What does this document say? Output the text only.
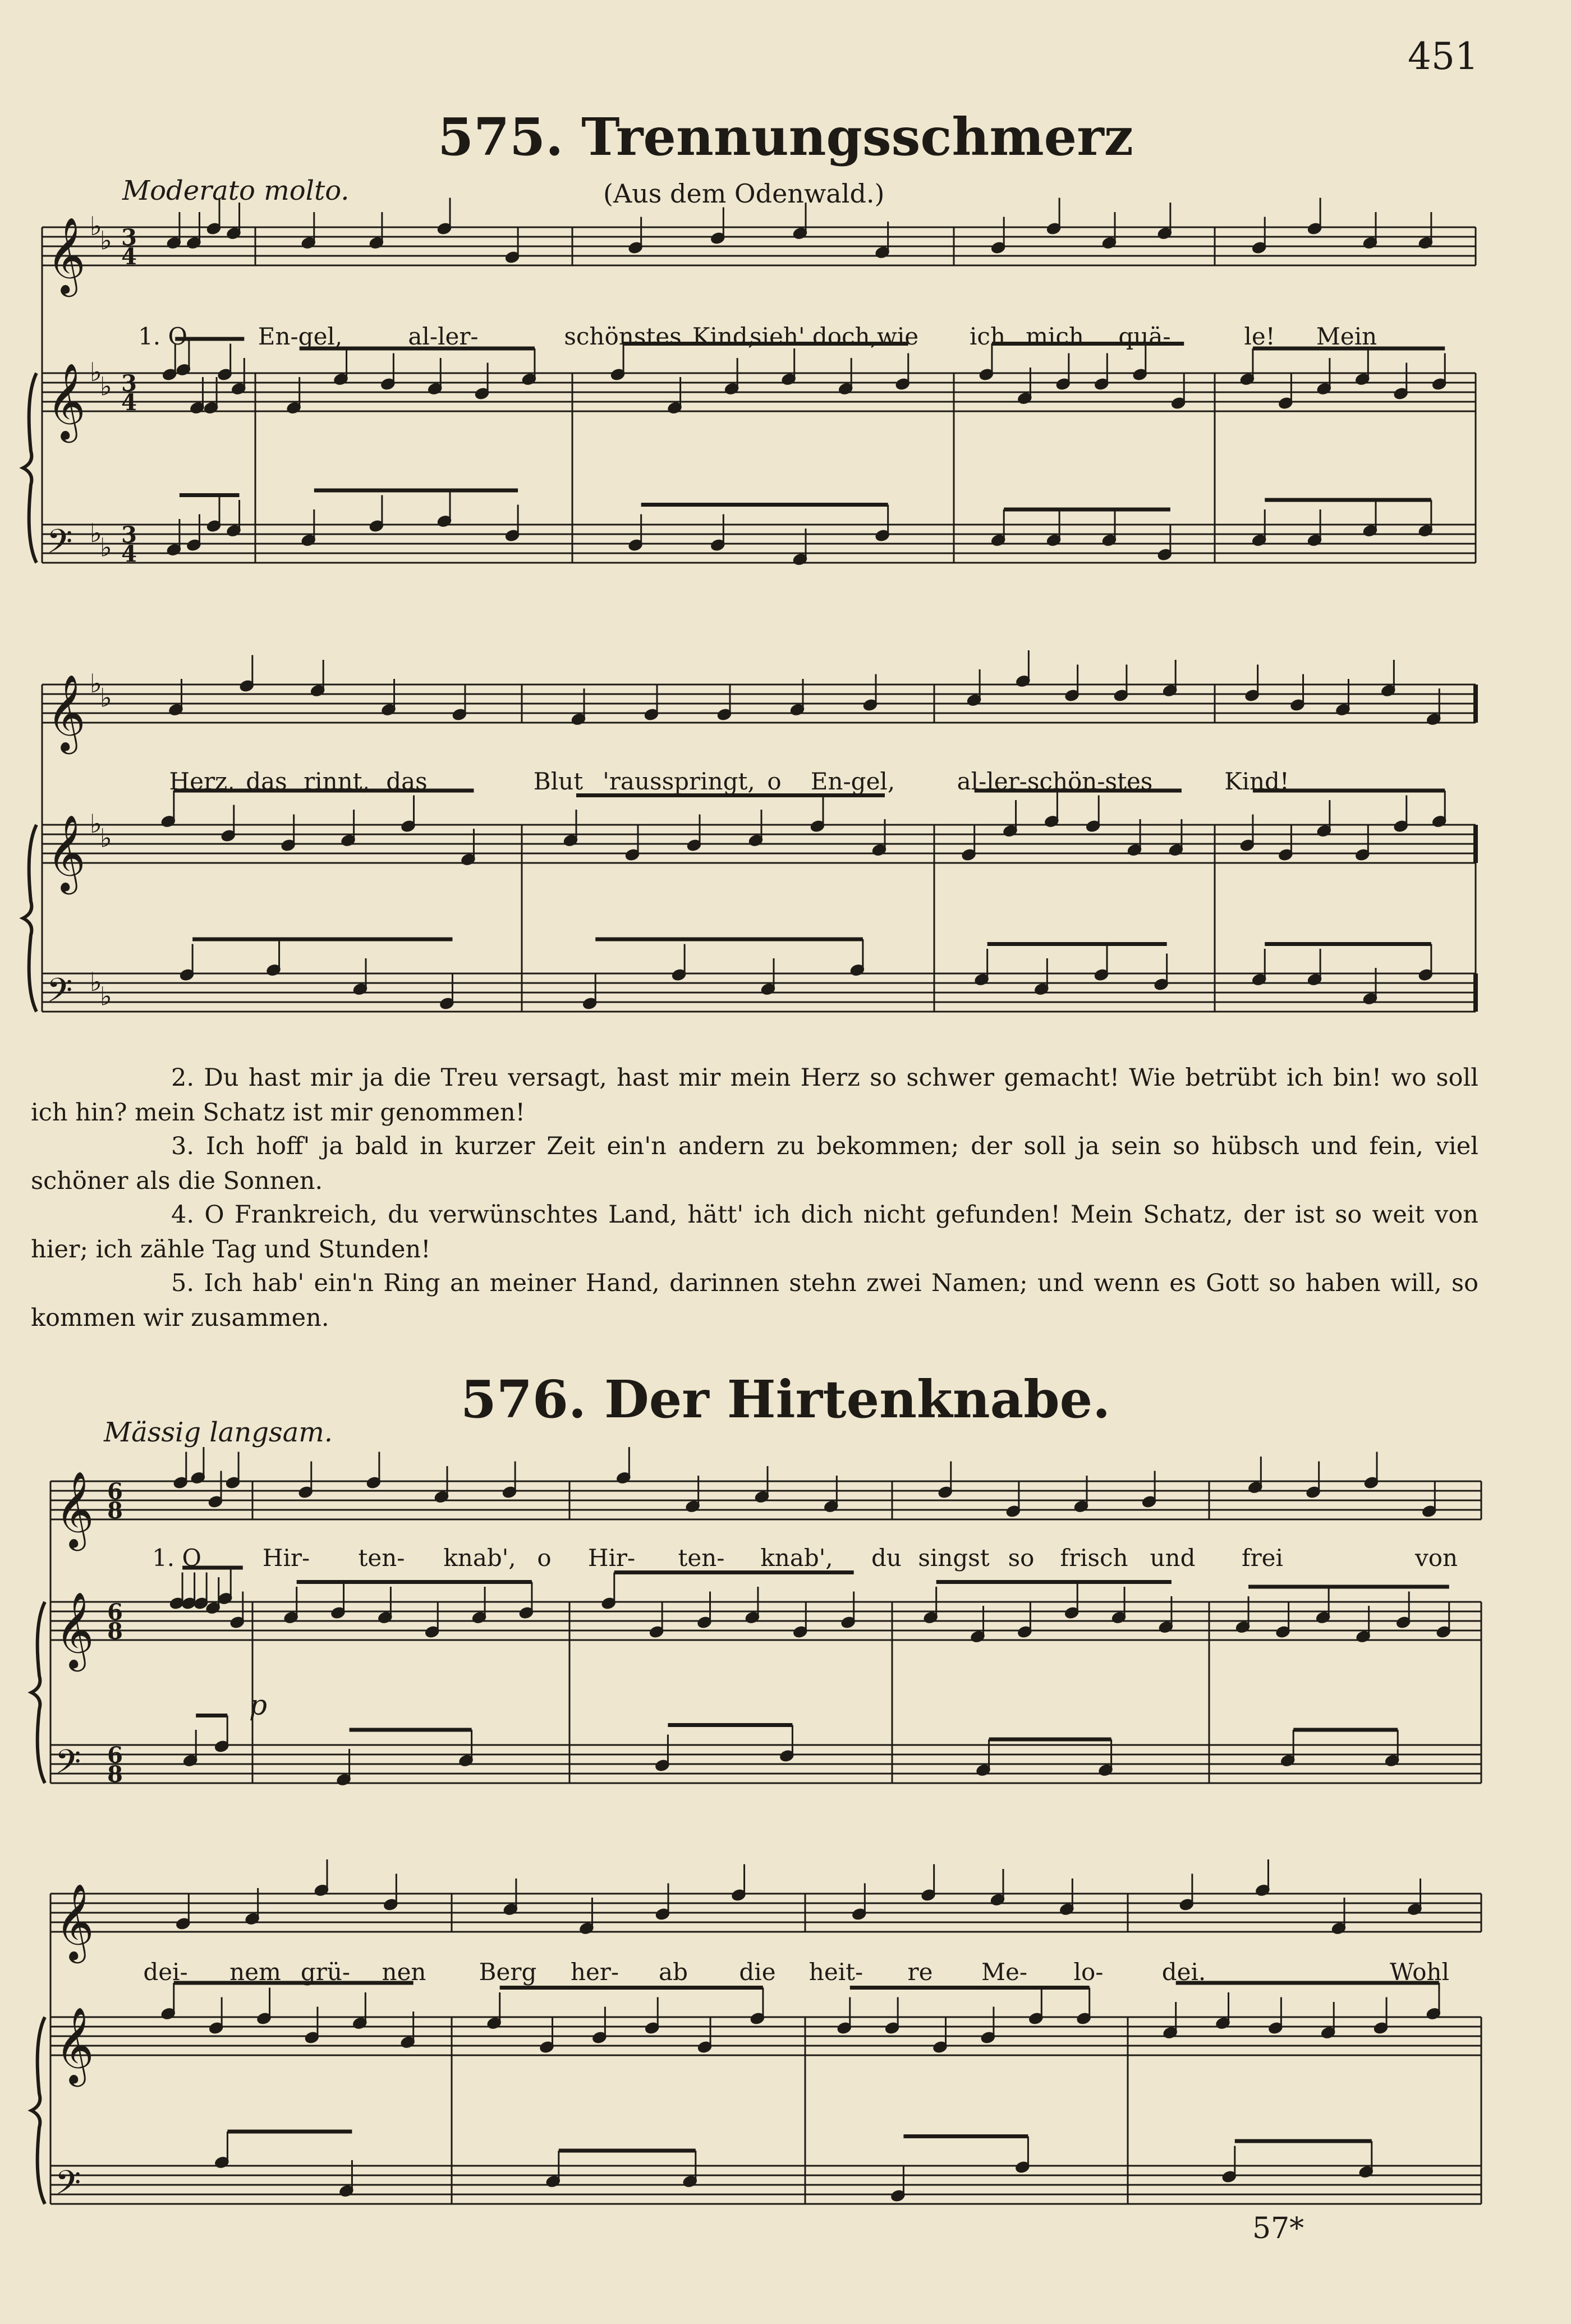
451
575. Trennungsschmerz
Moderato molto.	(Aus dem Odenwald.)
𝄞 ♭
♭ 3
4
𝄞 ♭
♭ 3
4
𝄢 ♭
♭ 3
4
𝄞 ♭
♭
𝄞 ♭
♭
𝄢 ♭
♭
𝄞 6
8
𝄞 6
8
𝄢 6
8
𝄞
𝄞
𝄢
1. O	En-gel,	al-ler-	schönstes Kind,
sieh' doch,
wie ich mich quä-	le! Mein
Herz, das rinnt, das	Blut 'rausspringt, o En-gel,	al-ler-schön-stes	Kind!
2. Du hast mir ja die Treu versagt, hast mir mein Herz so schwer gemacht! Wie betrübt ich bin! wo soll ich hin? mein Schatz ist mir genommen!
3. Ich hoff' ja bald in kurzer Zeit ein'n andern zu bekommen; der soll ja sein so hübsch und fein, viel schöner als die Sonnen.
4. O Frankreich, du verwünschtes Land, hätt' ich dich nicht gefunden! Mein Schatz, der ist so weit von hier; ich zähle Tag und Stunden!
5. Ich hab' ein'n Ring an meiner Hand, darinnen stehn zwei Namen; und wenn es Gott so haben will, so kommen wir zusammen.
576. Der Hirtenknabe.
Mässig langsam.
p
1. O	Hir- ten- knab', o Hir- ten- knab', du singst so frisch und frei	von
dei- nem grü- nen Berg her- ab die heit- re Me- lo- dei.	Wohl
57*
